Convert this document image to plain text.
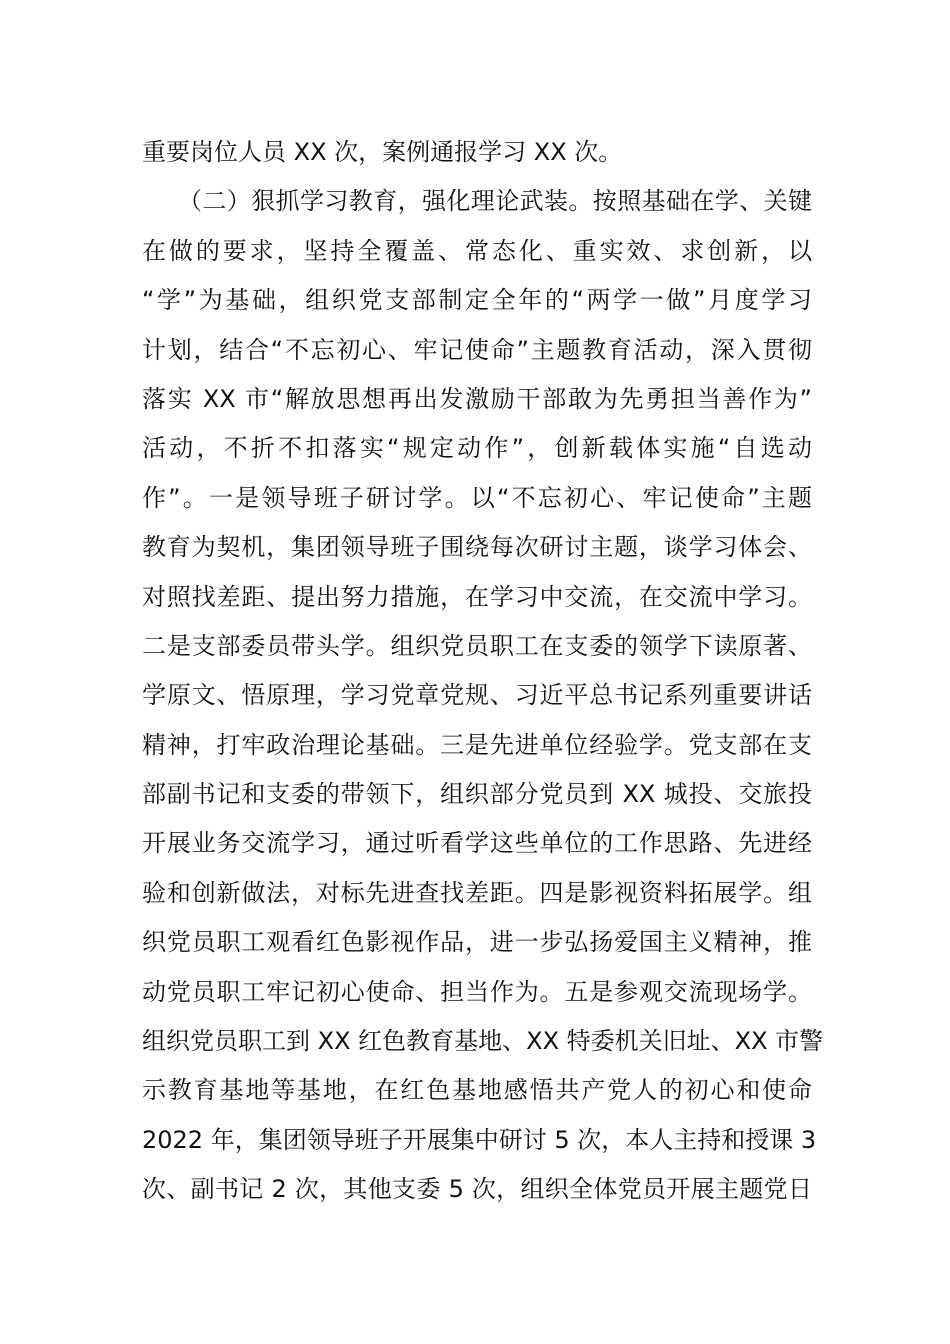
重要岗位人员 XX 次，案例通报学习 XX 次。
（二）狠抓学习教育，强化理论武装。按照基础在学、关键
在做的要求，坚持全覆盖、常态化、重实效、求创新，以
“学”为基础，组织党支部制定全年的“两学一做”月度学习
计划，结合“不忘初心、牢记使命”主题教育活动，深入贯彻
落实 XX 市“解放思想再出发激励干部敢为先勇担当善作为”
活动，不折不扣落实“规定动作”，创新载体实施“自选动
作”。一是领导班子研讨学。以“不忘初心、牢记使命”主题
教育为契机，集团领导班子围绕每次研讨主题，谈学习体会、
对照找差距、提出努力措施，在学习中交流，在交流中学习。
二是支部委员带头学。组织党员职工在支委的领学下读原著、
学原文、悟原理，学习党章党规、习近平总书记系列重要讲话
精神，打牢政治理论基础。三是先进单位经验学。党支部在支
部副书记和支委的带领下，组织部分党员到 XX 城投、交旅投
开展业务交流学习，通过听看学这些单位的工作思路、先进经
验和创新做法，对标先进查找差距。四是影视资料拓展学。组
织党员职工观看红色影视作品，进一步弘扬爱国主义精神，推
动党员职工牢记初心使命、担当作为。五是参观交流现场学。
组织党员职工到 XX 红色教育基地、XX 特委机关旧址、XX 市警
示教育基地等基地，在红色基地感悟共产党人的初心和使命
2022 年，集团领导班子开展集中研讨 5 次，本人主持和授课 3
次、副书记 2 次，其他支委 5 次，组织全体党员开展主题党日
